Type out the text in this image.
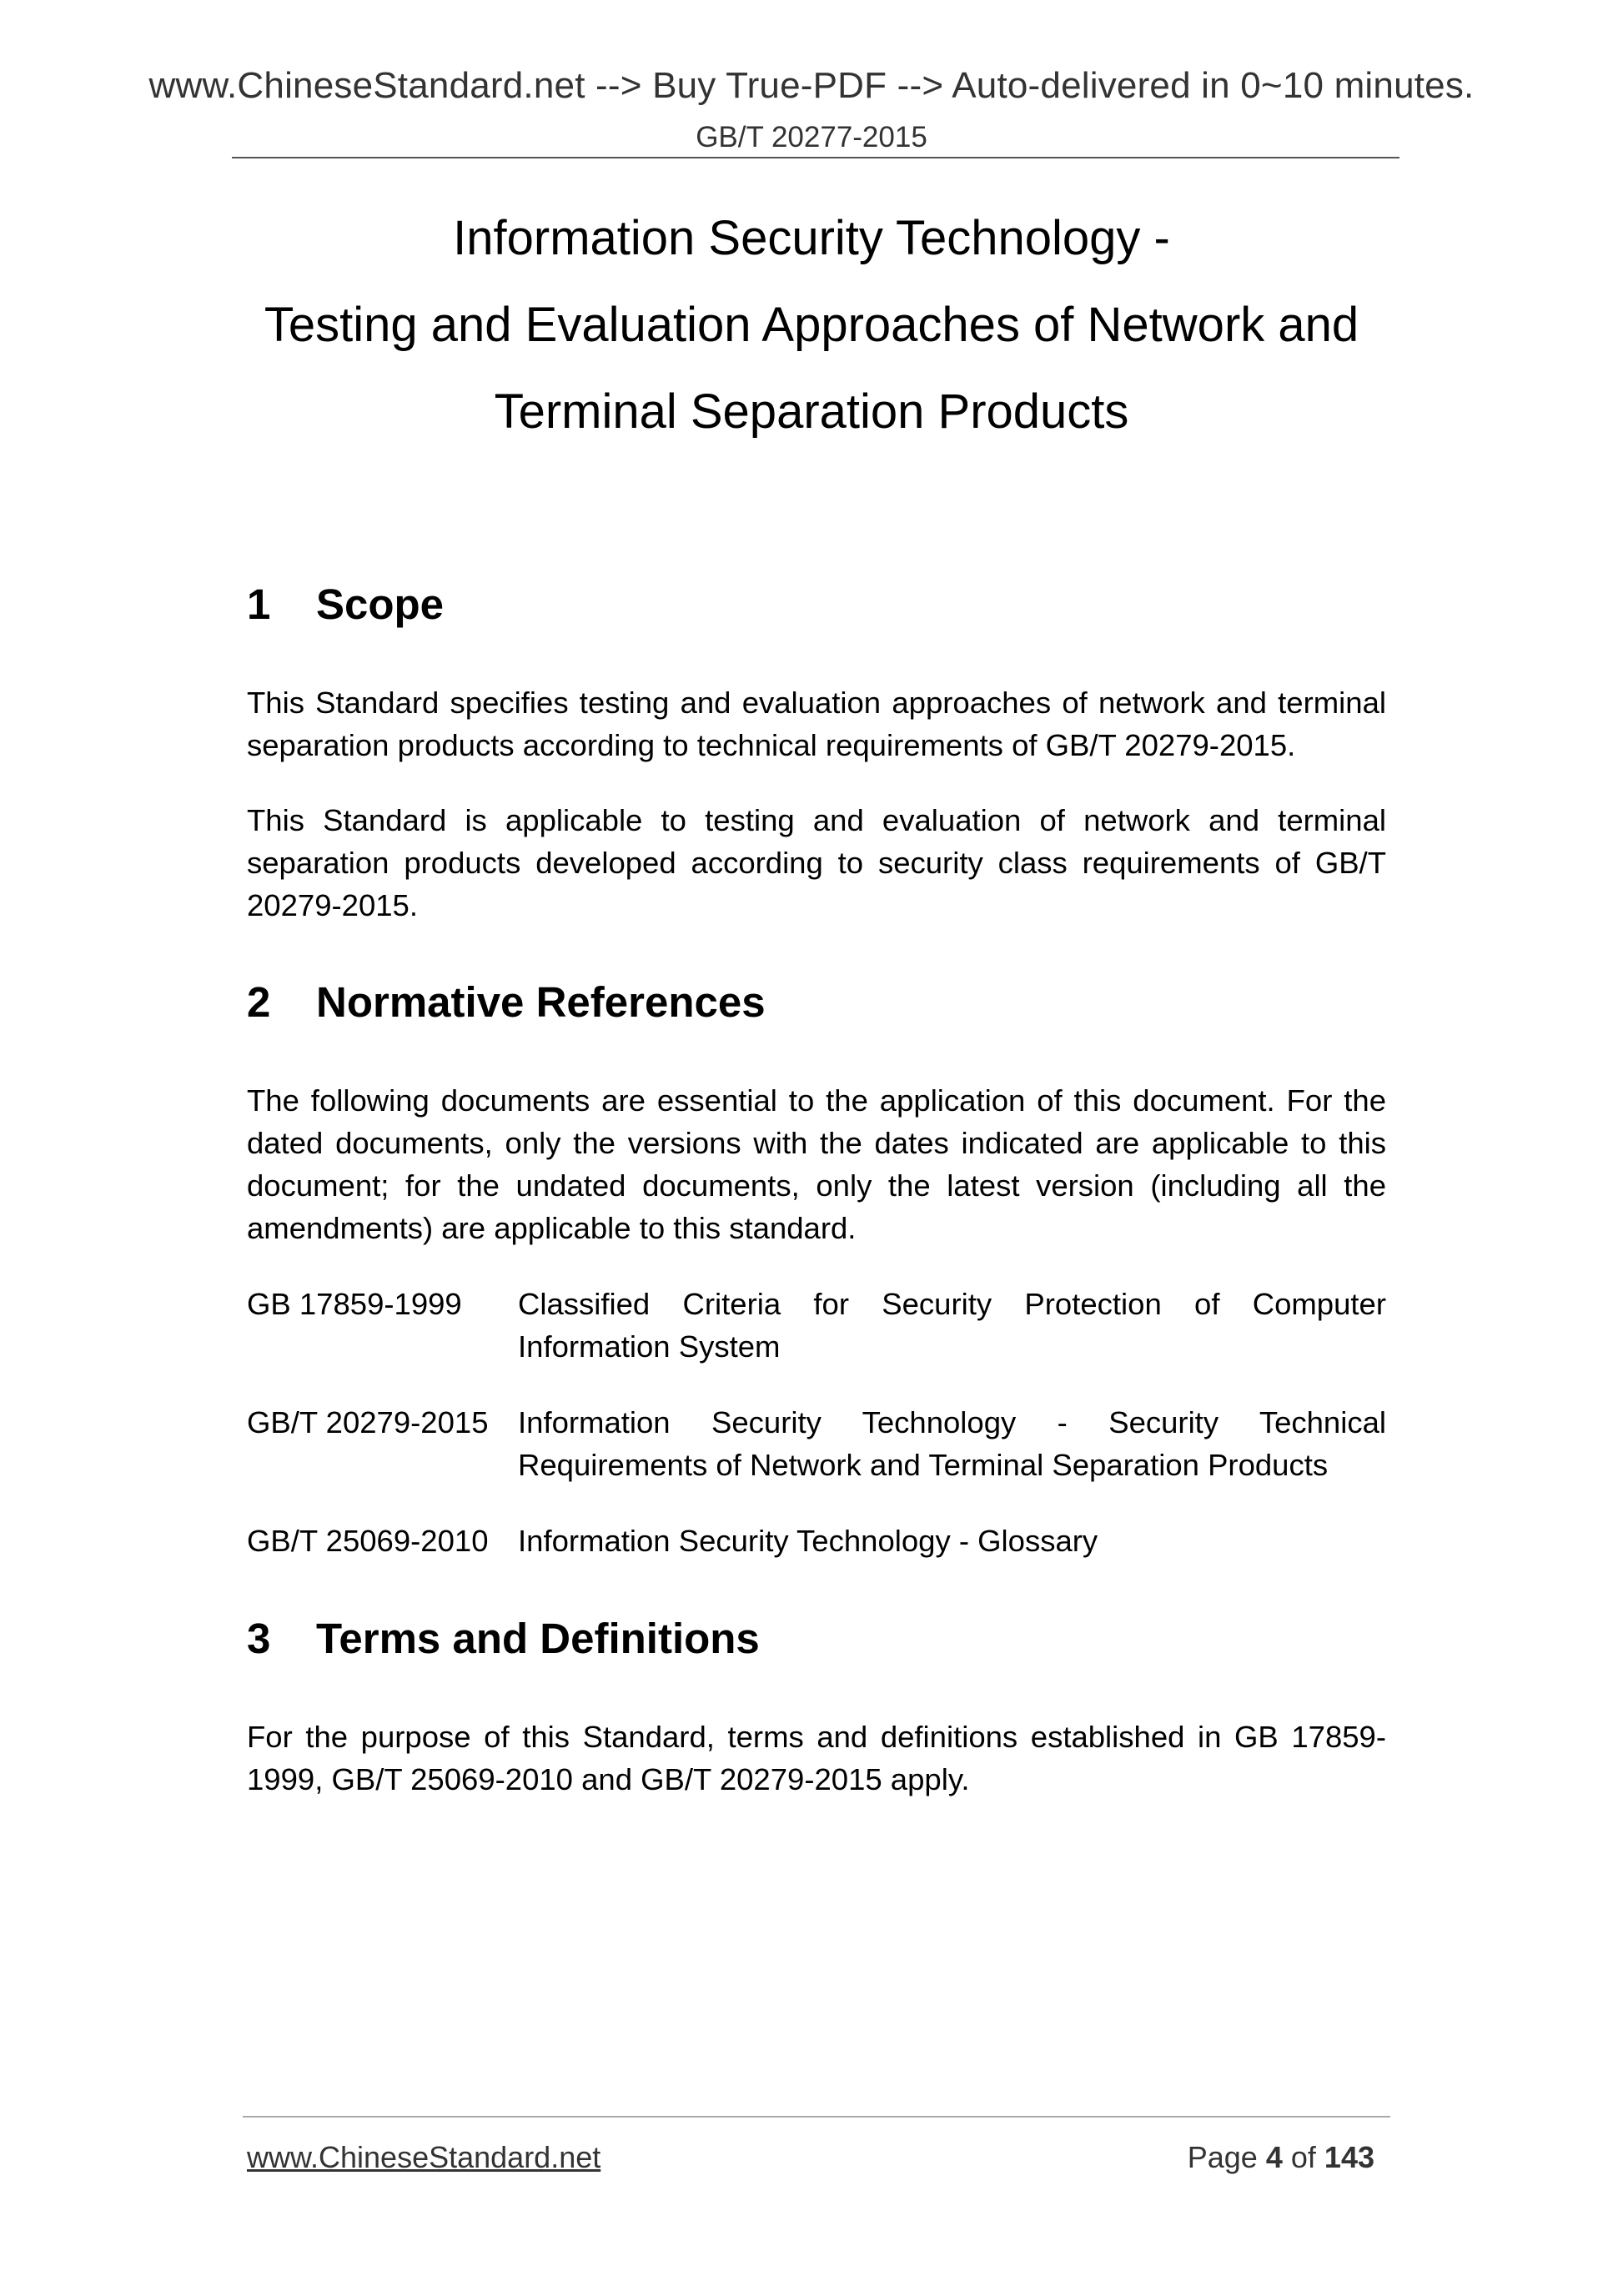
www.ChineseStandard.net --> Buy True-PDF --> Auto-delivered in 0~10 minutes.
GB/T 20277-2015
Information Security Technology -
Testing and Evaluation Approaches of Network and
Terminal Separation Products
1 Scope
This Standard specifies testing and evaluation approaches of network and terminal separation products according to technical requirements of GB/T 20279-2015.
This Standard is applicable to testing and evaluation of network and terminal separation products developed according to security class requirements of GB/T 20279-2015.
2 Normative References
The following documents are essential to the application of this document. For the dated documents, only the versions with the dates indicated are applicable to this document; for the undated documents, only the latest version (including all the amendments) are applicable to this standard.
GB 17859-1999 Classified Criteria for Security Protection of Computer Information System
GB/T 20279-2015 Information Security Technology - Security Technical Requirements of Network and Terminal Separation Products
GB/T 25069-2010 Information Security Technology - Glossary
3 Terms and Definitions
For the purpose of this Standard, terms and definitions established in GB 17859-1999, GB/T 25069-2010 and GB/T 20279-2015 apply.
www.ChineseStandard.net	Page 4 of 143
